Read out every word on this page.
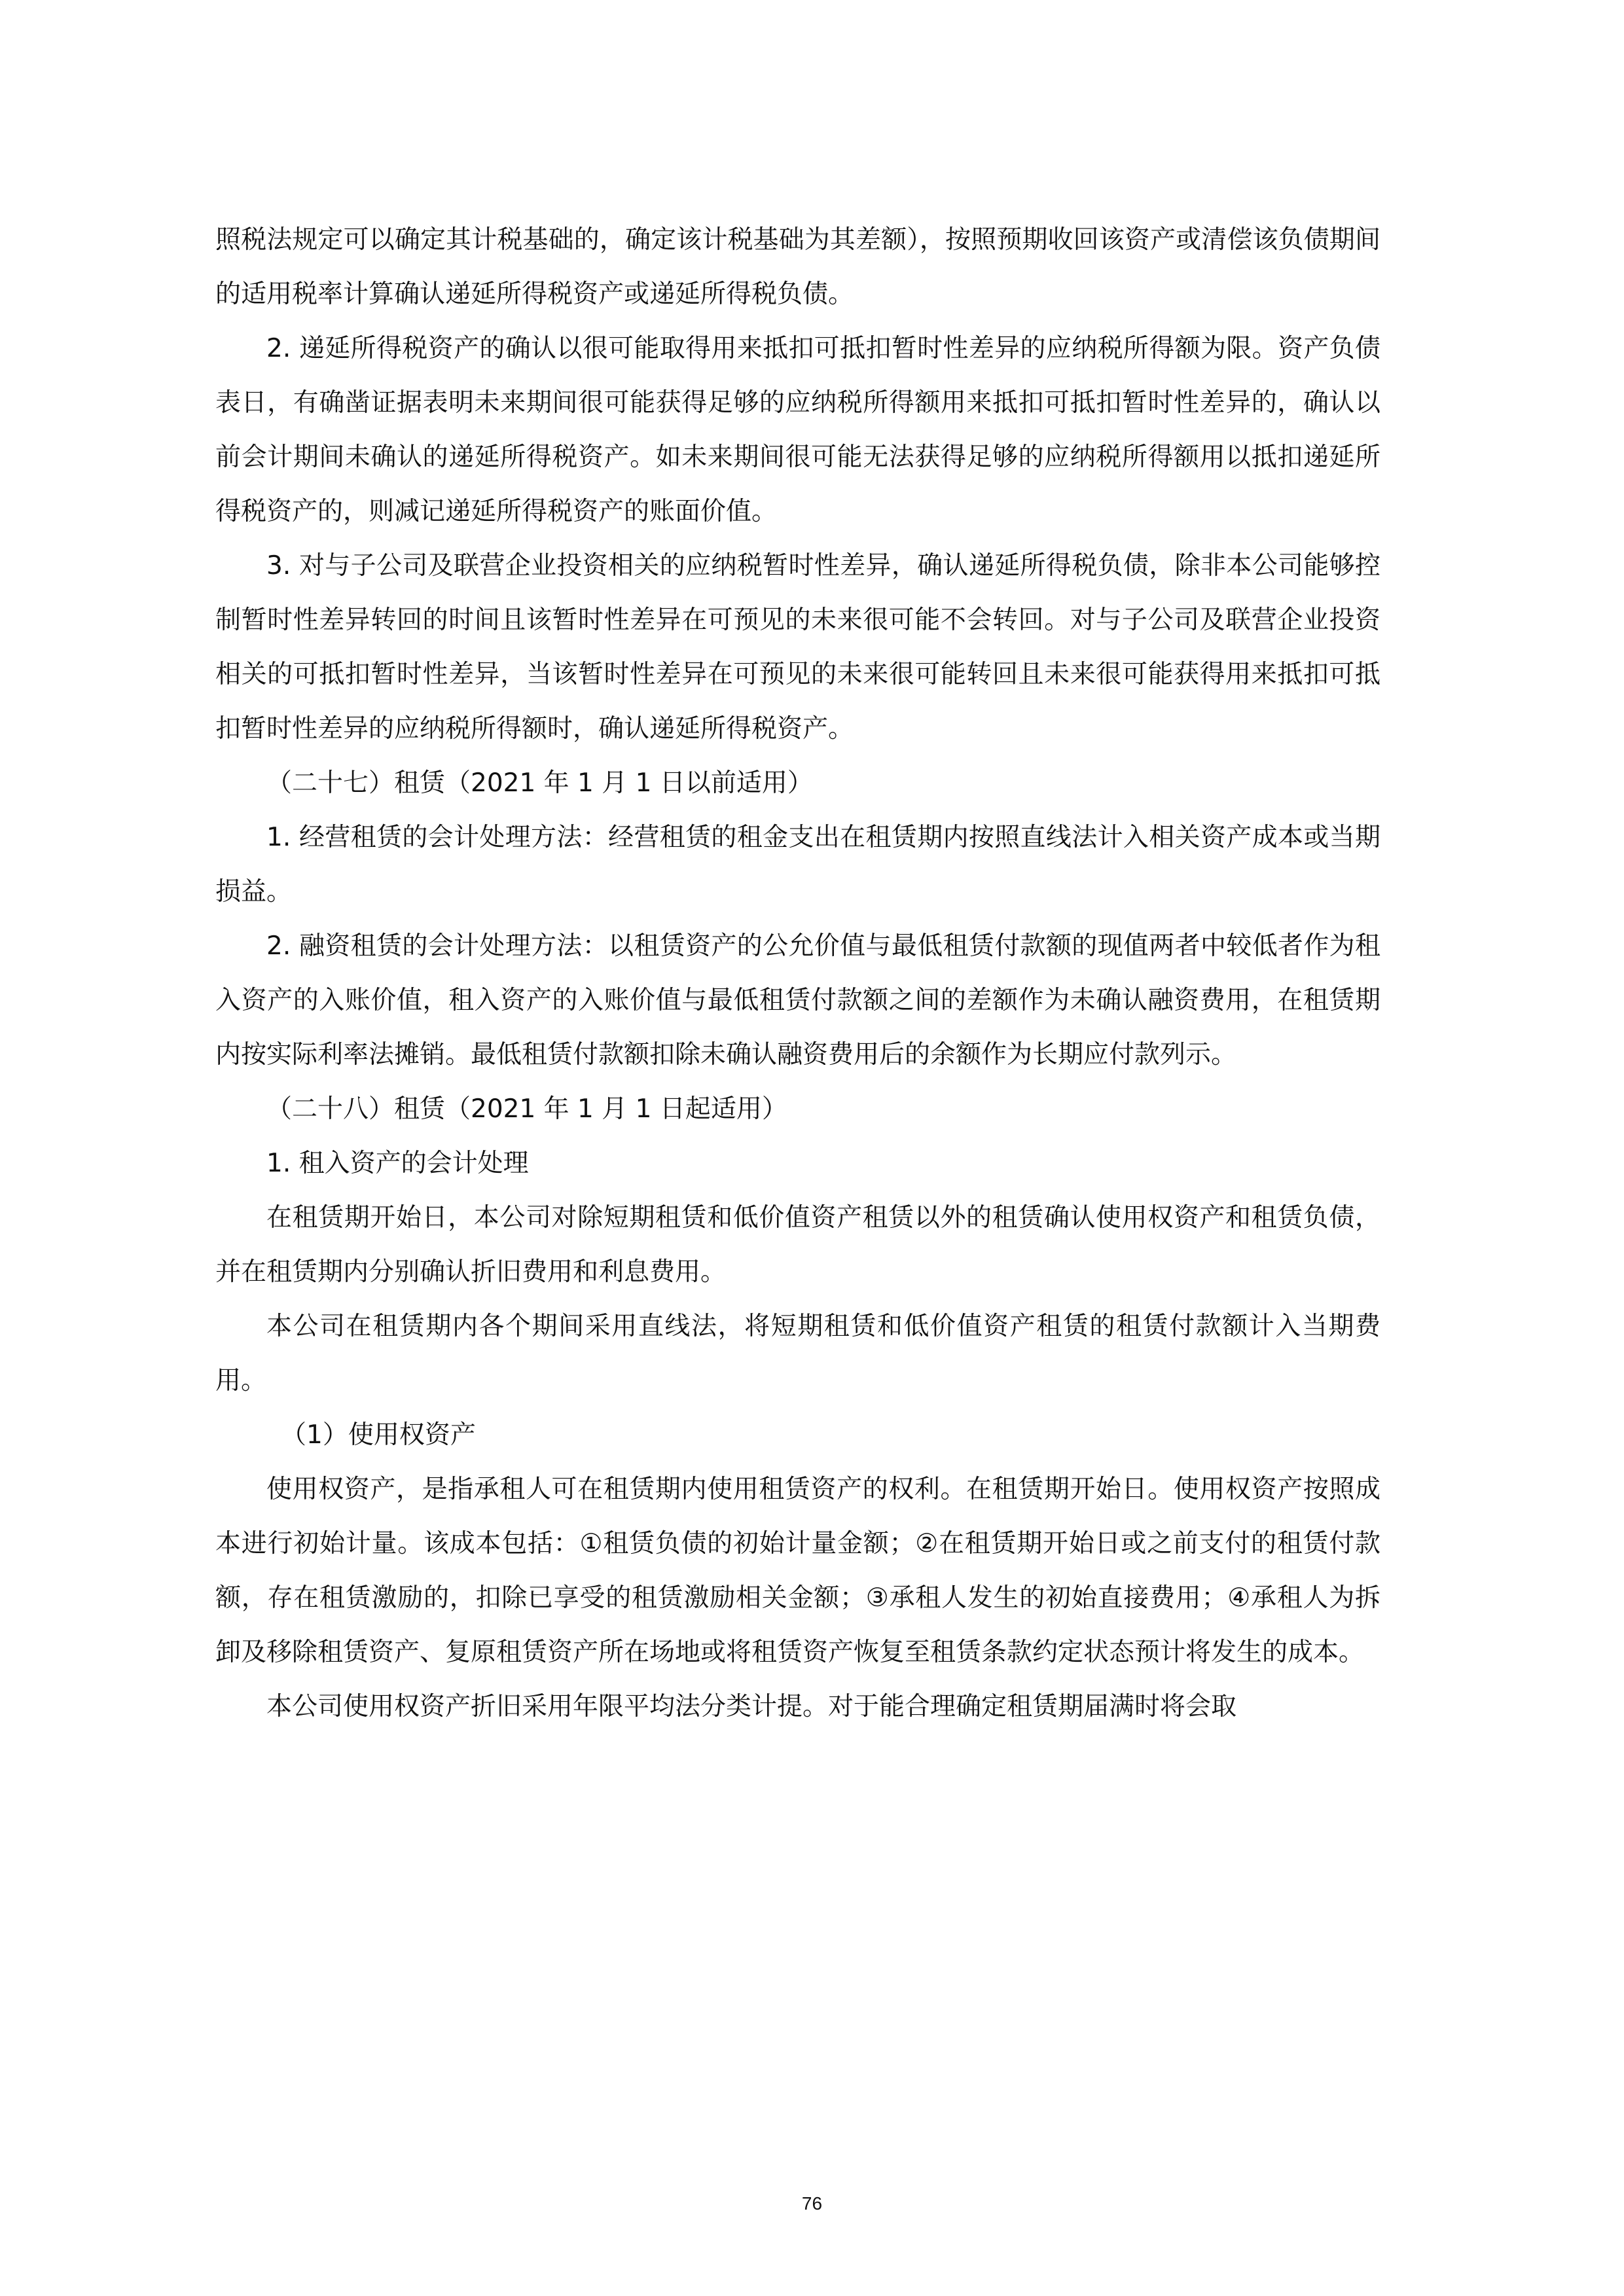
照税法规定可以确定其计税基础的，确定该计税基础为其差额），按照预期收回该资产或清偿该负债期间的适用税率计算确认递延所得税资产或递延所得税负债。

2. 递延所得税资产的确认以很可能取得用来抵扣可抵扣暂时性差异的应纳税所得额为限。资产负债表日，有确凿证据表明未来期间很可能获得足够的应纳税所得额用来抵扣可抵扣暂时性差异的，确认以前会计期间未确认的递延所得税资产。如未来期间很可能无法获得足够的应纳税所得额用以抵扣递延所得税资产的，则减记递延所得税资产的账面价值。

3. 对与子公司及联营企业投资相关的应纳税暂时性差异，确认递延所得税负债，除非本公司能够控制暂时性差异转回的时间且该暂时性差异在可预见的未来很可能不会转回。对与子公司及联营企业投资相关的可抵扣暂时性差异，当该暂时性差异在可预见的未来很可能转回且未来很可能获得用来抵扣可抵扣暂时性差异的应纳税所得额时，确认递延所得税资产。

（二十七）租赁（2021 年 1 月 1 日以前适用）

1. 经营租赁的会计处理方法：经营租赁的租金支出在租赁期内按照直线法计入相关资产成本或当期损益。

2. 融资租赁的会计处理方法：以租赁资产的公允价值与最低租赁付款额的现值两者中较低者作为租入资产的入账价值，租入资产的入账价值与最低租赁付款额之间的差额作为未确认融资费用，在租赁期内按实际利率法摊销。最低租赁付款额扣除未确认融资费用后的余额作为长期应付款列示。

（二十八）租赁（2021 年 1 月 1 日起适用）

1. 租入资产的会计处理

在租赁期开始日，本公司对除短期租赁和低价值资产租赁以外的租赁确认使用权资产和租赁负债，并在租赁期内分别确认折旧费用和利息费用。

本公司在租赁期内各个期间采用直线法，将短期租赁和低价值资产租赁的租赁付款额计入当期费用。

（1）使用权资产

使用权资产，是指承租人可在租赁期内使用租赁资产的权利。在租赁期开始日。使用权资产按照成本进行初始计量。该成本包括：①租赁负债的初始计量金额；②在租赁期开始日或之前支付的租赁付款额，存在租赁激励的，扣除已享受的租赁激励相关金额；③承租人发生的初始直接费用；④承租人为拆卸及移除租赁资产、复原租赁资产所在场地或将租赁资产恢复至租赁条款约定状态预计将发生的成本。

本公司使用权资产折旧采用年限平均法分类计提。对于能合理确定租赁期届满时将会取

76
